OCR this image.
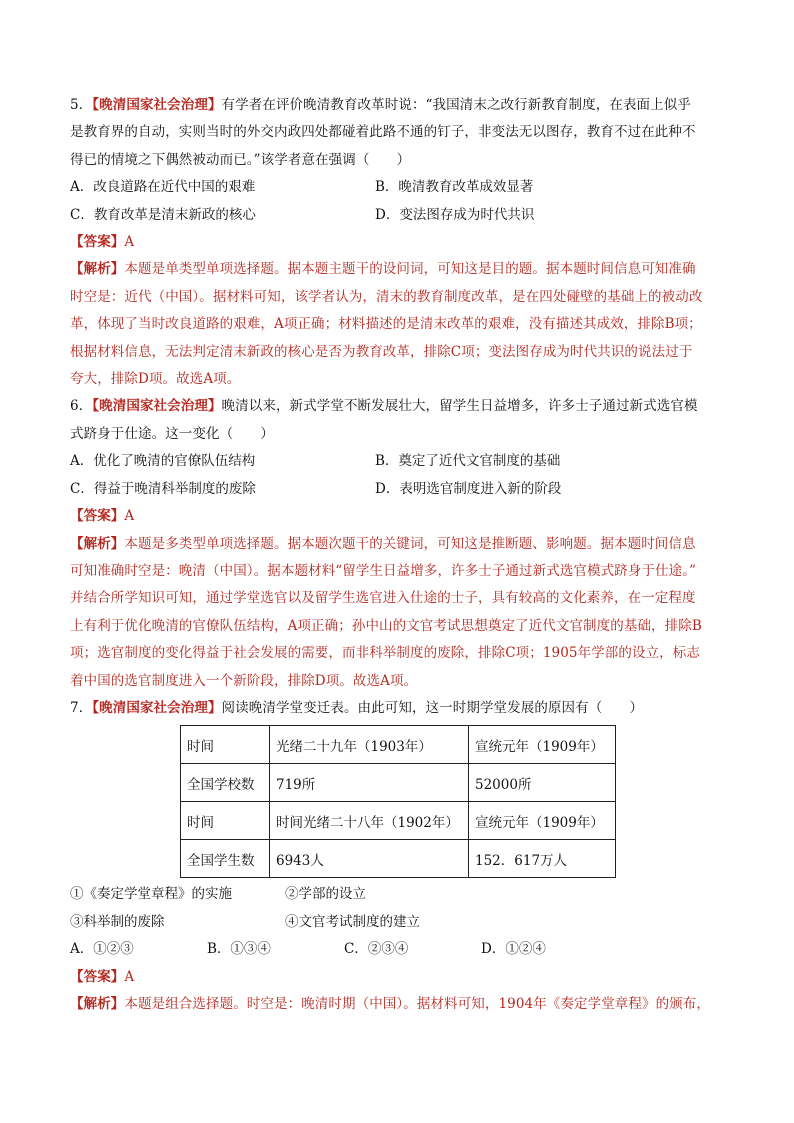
5．【晚清国家社会治理】有学者在评价晚清教育改革时说：“我国清末之改行新教育制度，在表面上似乎
是教育界的自动，实则当时的外交内政四处都碰着此路不通的钉子，非变法无以图存，教育不过在此种不
得已的情境之下偶然被动而已。”该学者意在强调（　　）
A．改良道路在近代中国的艰难	B．晚清教育改革成效显著
C．教育改革是清末新政的核心	D．变法图存成为时代共识
【答案】A
【解析】本题是单类型单项选择题。据本题主题干的设问词，可知这是目的题。据本题时间信息可知准确
时空是：近代（中国）。据材料可知，该学者认为，清末的教育制度改革，是在四处碰壁的基础上的被动改
革，体现了当时改良道路的艰难，A项正确；材料描述的是清末改革的艰难，没有描述其成效，排除B项；
根据材料信息，无法判定清末新政的核心是否为教育改革，排除C项；变法图存成为时代共识的说法过于
夸大，排除D项。故选A项。
6．【晚清国家社会治理】晚清以来，新式学堂不断发展壮大，留学生日益增多，许多士子通过新式选官模
式跻身于仕途。这一变化（　　）
A．优化了晚清的官僚队伍结构	B．奠定了近代文官制度的基础
C．得益于晚清科举制度的废除	D．表明选官制度进入新的阶段
【答案】A
【解析】本题是多类型单项选择题。据本题次题干的关键词，可知这是推断题、影响题。据本题时间信息
可知准确时空是：晚清（中国）。据本题材料“留学生日益增多，许多士子通过新式选官模式跻身于仕途。”
并结合所学知识可知，通过学堂选官以及留学生选官进入仕途的士子，具有较高的文化素养，在一定程度
上有利于优化晚清的官僚队伍结构，A项正确；孙中山的文官考试思想奠定了近代文官制度的基础，排除B
项；选官制度的变化得益于社会发展的需要，而非科举制度的废除，排除C项；1905年学部的设立，标志
着中国的选官制度进入一个新阶段，排除D项。故选A项。
7．【晚清国家社会治理】阅读晚清学堂变迁表。由此可知，这一时期学堂发展的原因有（　　）
时间	光绪二十九年（1903年）	宣统元年（1909年）
全国学校数	719所	52000所
时间	时间光绪二十八年（1902年）	宣统元年（1909年）
全国学生数	6943人	152．617万人
①《奏定学堂章程》的实施	②学部的设立
③科举制的废除	④文官考试制度的建立
A．①②③	B．①③④	C．②③④	D．①②④
【答案】A
【解析】本题是组合选择题。时空是：晚清时期（中国）。据材料可知，1904年《奏定学堂章程》的颁布，
